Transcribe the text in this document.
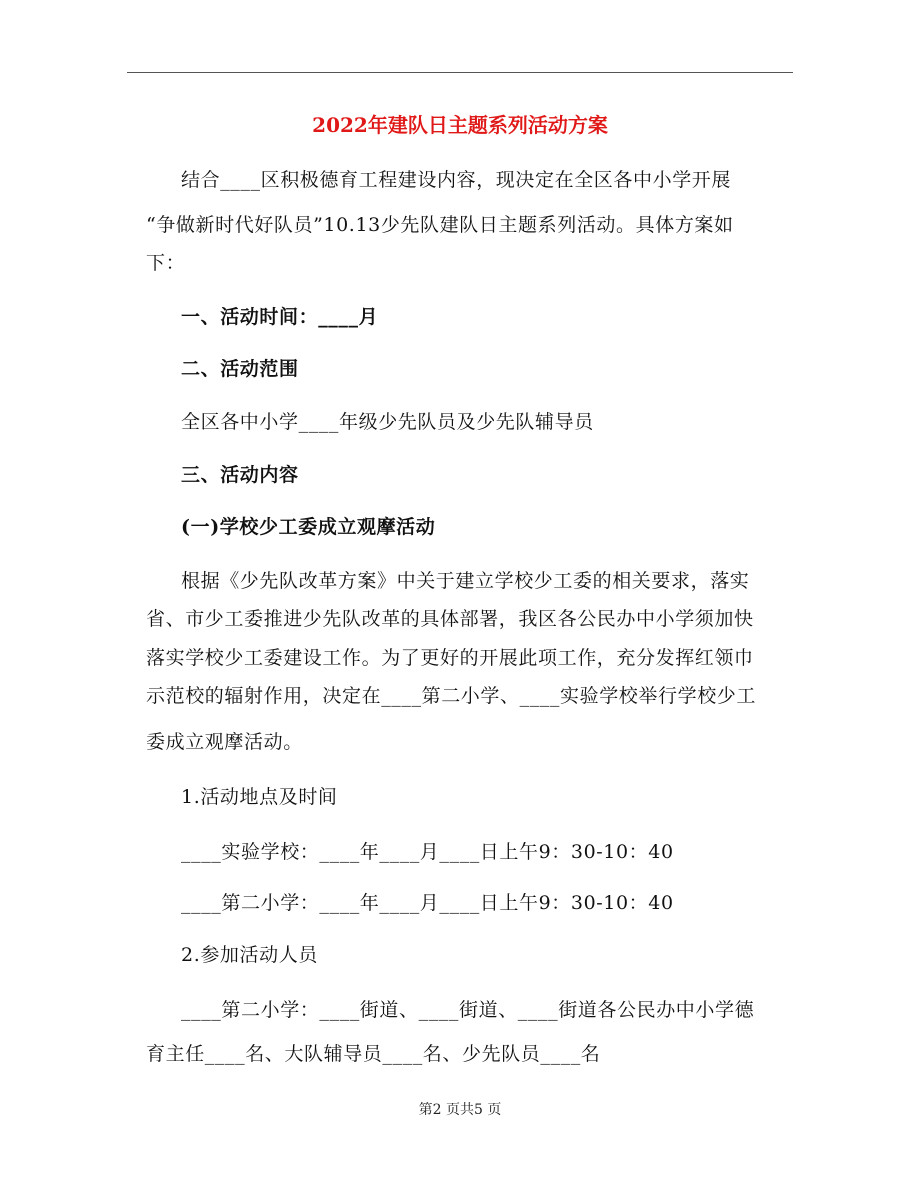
2022年建队日主题系列活动方案
结合____区积极德育工程建设内容，现决定在全区各中小学开展
“争做新时代好队员”10.13少先队建队日主题系列活动。具体方案如
下：
一、活动时间：____月
二、活动范围
全区各中小学____年级少先队员及少先队辅导员
三、活动内容
(一)学校少工委成立观摩活动
根据《少先队改革方案》中关于建立学校少工委的相关要求，落实
省、市少工委推进少先队改革的具体部署，我区各公民办中小学须加快
落实学校少工委建设工作。为了更好的开展此项工作，充分发挥红领巾
示范校的辐射作用，决定在____第二小学、____实验学校举行学校少工
委成立观摩活动。
1.活动地点及时间
____实验学校：____年____月____日上午9：30-10：40
____第二小学：____年____月____日上午9：30-10：40
2.参加活动人员
____第二小学：____街道、____街道、____街道各公民办中小学德
育主任____名、大队辅导员____名、少先队员____名
第2 页共5 页
